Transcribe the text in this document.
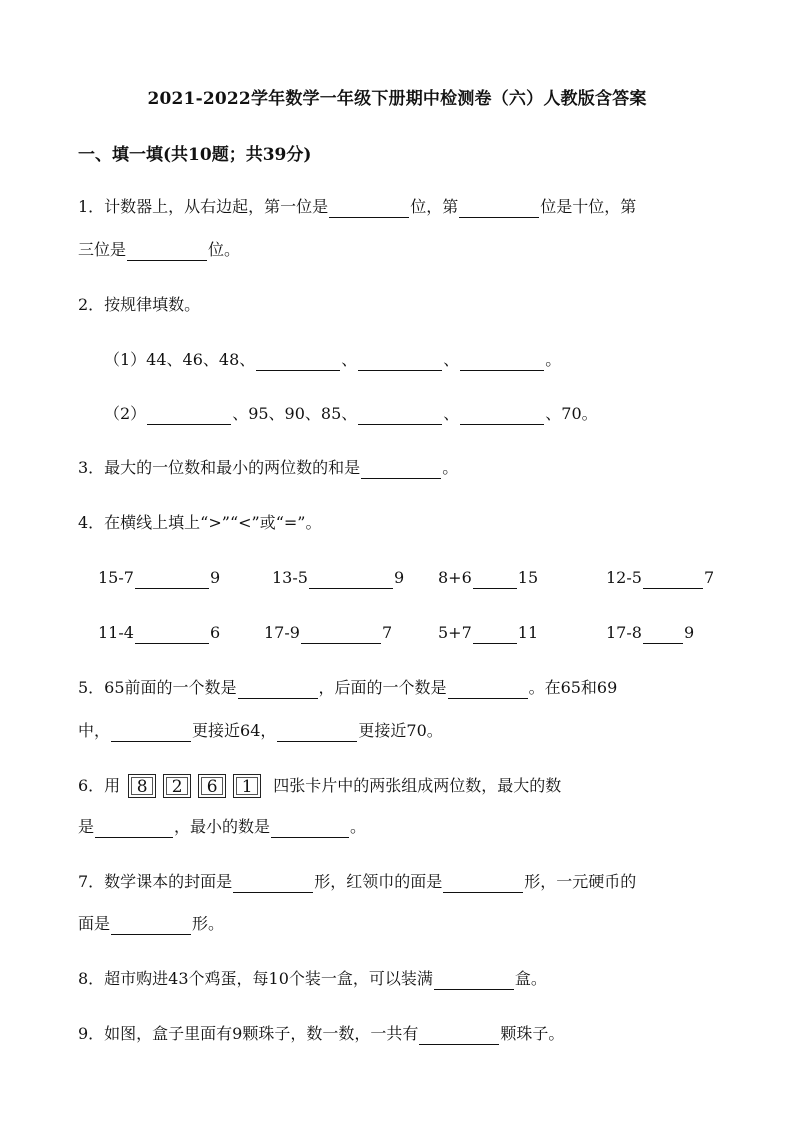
2021-2022学年数学一年级下册期中检测卷（六）人教版含答案
一、填一填(共10题；共39分)
1．计数器上，从右边起，第一位是	位，第	位是十位，第
三位是	位。
2．按规律填数。
（1）44、46、48、	、	、	。
（2）	、95、90、85、	、	、70。
3．最大的一位数和最小的两位数的和是	。
4．在横线上填上“>”“<”或“=”。
15-7	9	13-5	9 8+6	15	12-5	7
11-4	6	17-9	7	5+7	11	17-8	9
5．65前面的一个数是	，后面的一个数是	。在65和69
中，	更接近64，	更接近70。
6．用 8	2	6	1	四张卡片中的两张组成两位数，最大的数
是	，最小的数是	。
7．数学课本的封面是	形，红领巾的面是	形，一元硬币的
面是	形。
8．超市购进43个鸡蛋，每10个装一盒，可以装满	盒。
9．如图，盒子里面有9颗珠子，数一数，一共有	颗珠子。
